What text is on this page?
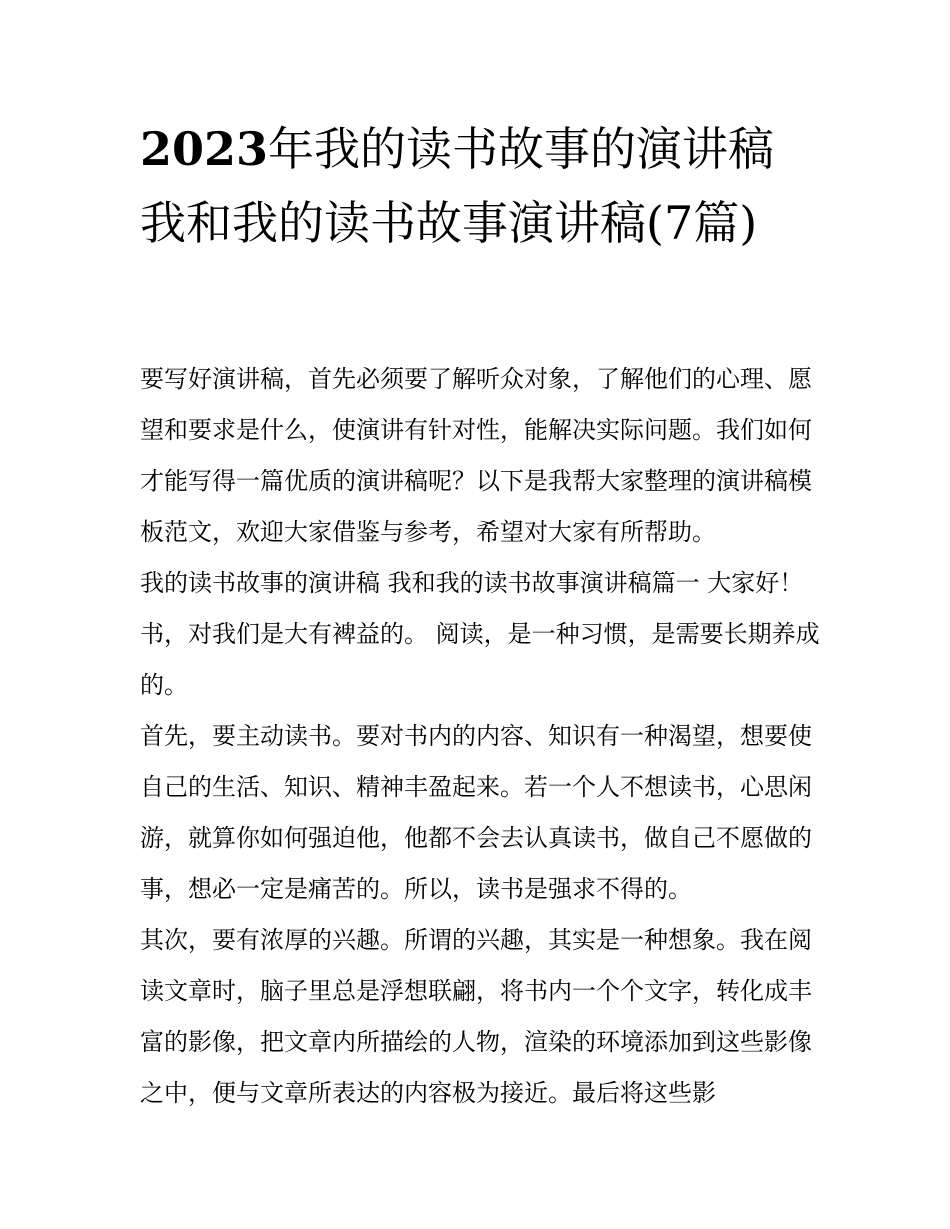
2023年我的读书故事的演讲稿我和我的读书故事演讲稿(7篇)

要写好演讲稿，首先必须要了解听众对象，了解他们的心理、愿望和要求是什么，使演讲有针对性，能解决实际问题。我们如何才能写得一篇优质的演讲稿呢？以下是我帮大家整理的演讲稿模板范文，欢迎大家借鉴与参考，希望对大家有所帮助。

我的读书故事的演讲稿 我和我的读书故事演讲稿篇一 大家好！ 书，对我们是大有裨益的。 阅读，是一种习惯，是需要长期养成的。

首先，要主动读书。要对书内的内容、知识有一种渴望，想要使自己的生活、知识、精神丰盈起来。若一个人不想读书，心思闲游，就算你如何强迫他，他都不会去认真读书，做自己不愿做的事，想必一定是痛苦的。所以，读书是强求不得的。

其次，要有浓厚的兴趣。所谓的兴趣，其实是一种想象。我在阅读文章时，脑子里总是浮想联翩，将书内一个个文字，转化成丰富的影像，把文章内所描绘的人物，渲染的环境添加到这些影像之中，便与文章所表达的内容极为接近。最后将这些影
